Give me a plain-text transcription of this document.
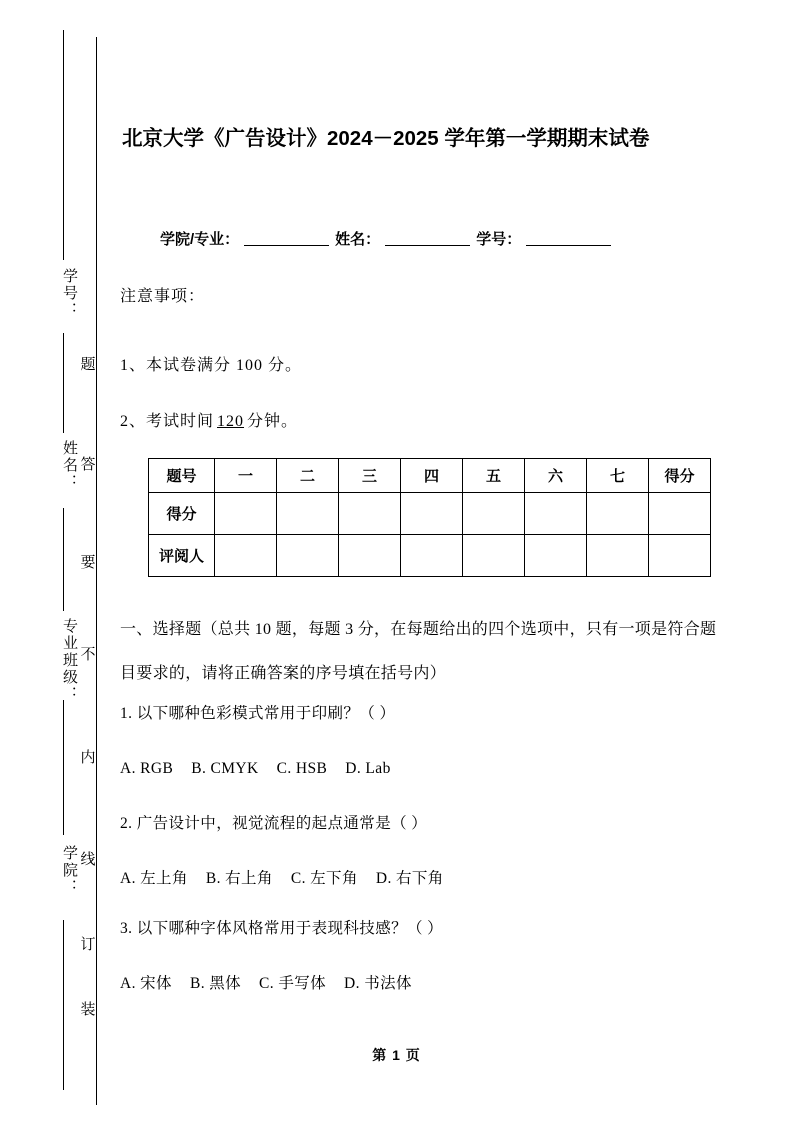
学号：
姓名：
专业班级：
学院：
题
答
要
不
内
线
订
装
北京大学《广告设计》2024－2025 学年第一学期期末试卷
学院/专业：	姓名：	学号：
注意事项：
1、本试卷满分 100 分。
2、考试时间 120 分钟。
题号	一	二	三	四	五	六	七	得分
得分								
评阅人								
一、选择题（总共 10 题，每题 3 分，在每题给出的四个选项中，只有一项是符合题目要求的，请将正确答案的序号填在括号内）
1. 以下哪种色彩模式常用于印刷？（ ）
A. RGB B. CMYK C. HSB D. Lab
2. 广告设计中，视觉流程的起点通常是（ ）
A. 左上角 B. 右上角 C. 左下角 D. 右下角
3. 以下哪种字体风格常用于表现科技感？（ ）
A. 宋体 B. 黑体 C. 手写体 D. 书法体
第 1 页
